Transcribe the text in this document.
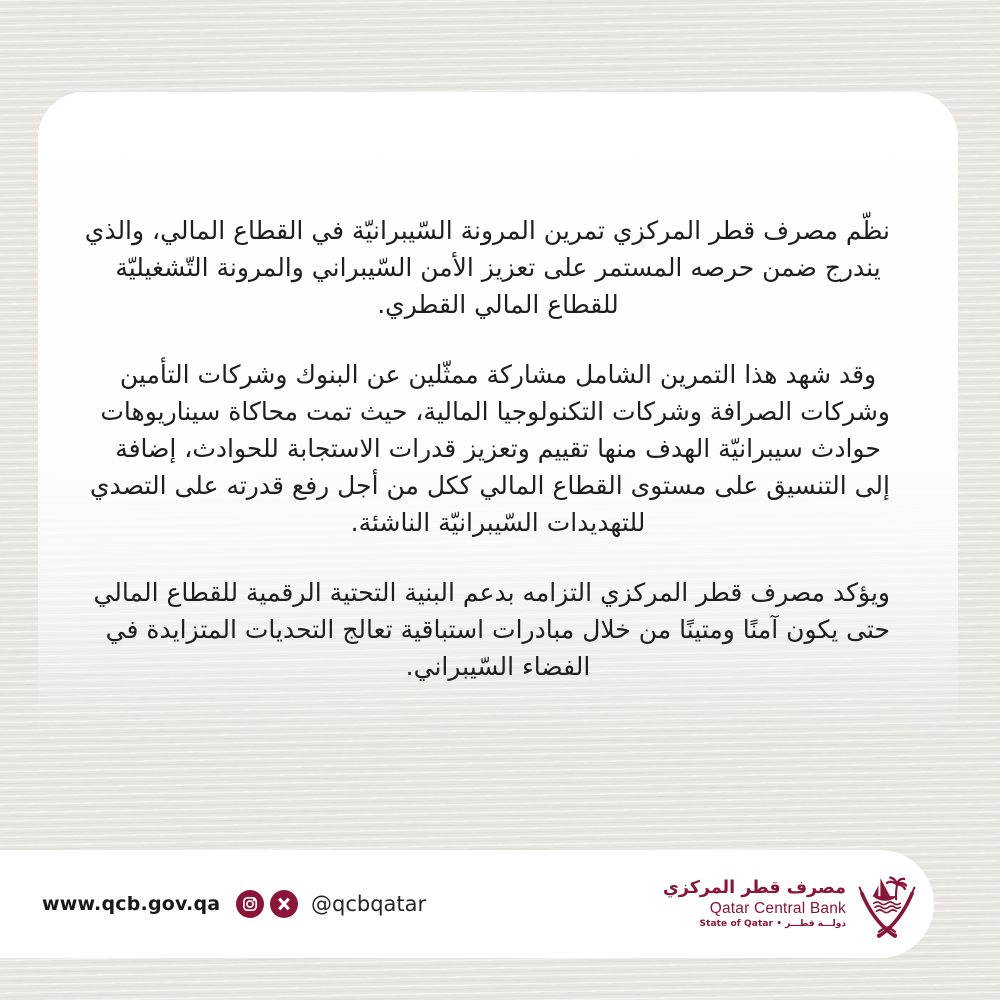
نظّم مصرف قطر المركزي تمرين المرونة السّيبرانيّة في القطاع المالي، والذي
يندرج ضمن حرصه المستمر على تعزيز الأمن السّيبراني والمرونة التّشغيليّة
للقطاع المالي القطري.

وقد شهد هذا التمرين الشامل مشاركة ممثّلين عن البنوك وشركات التأمين
وشركات الصرافة وشركات التكنولوجيا المالية، حيث تمت محاكاة سيناريوهات
حوادث سيبرانيّة الهدف منها تقييم وتعزيز قدرات الاستجابة للحوادث، إضافة
إلى التنسيق على مستوى القطاع المالي ككل من أجل رفع قدرته على التصدي
للتهديدات السّيبرانيّة الناشئة.

ويؤكد مصرف قطر المركزي التزامه بدعم البنية التحتية الرقمية للقطاع المالي
حتى يكون آمنًا ومتينًا من خلال مبادرات استباقية تعالج التحديات المتزايدة في
الفضاء السّيبراني.

www.qcb.gov.qa	@qcbqatar
مصرف قطر المركزي
Qatar Central Bank
دولـــة قطـــر • State of Qatar
